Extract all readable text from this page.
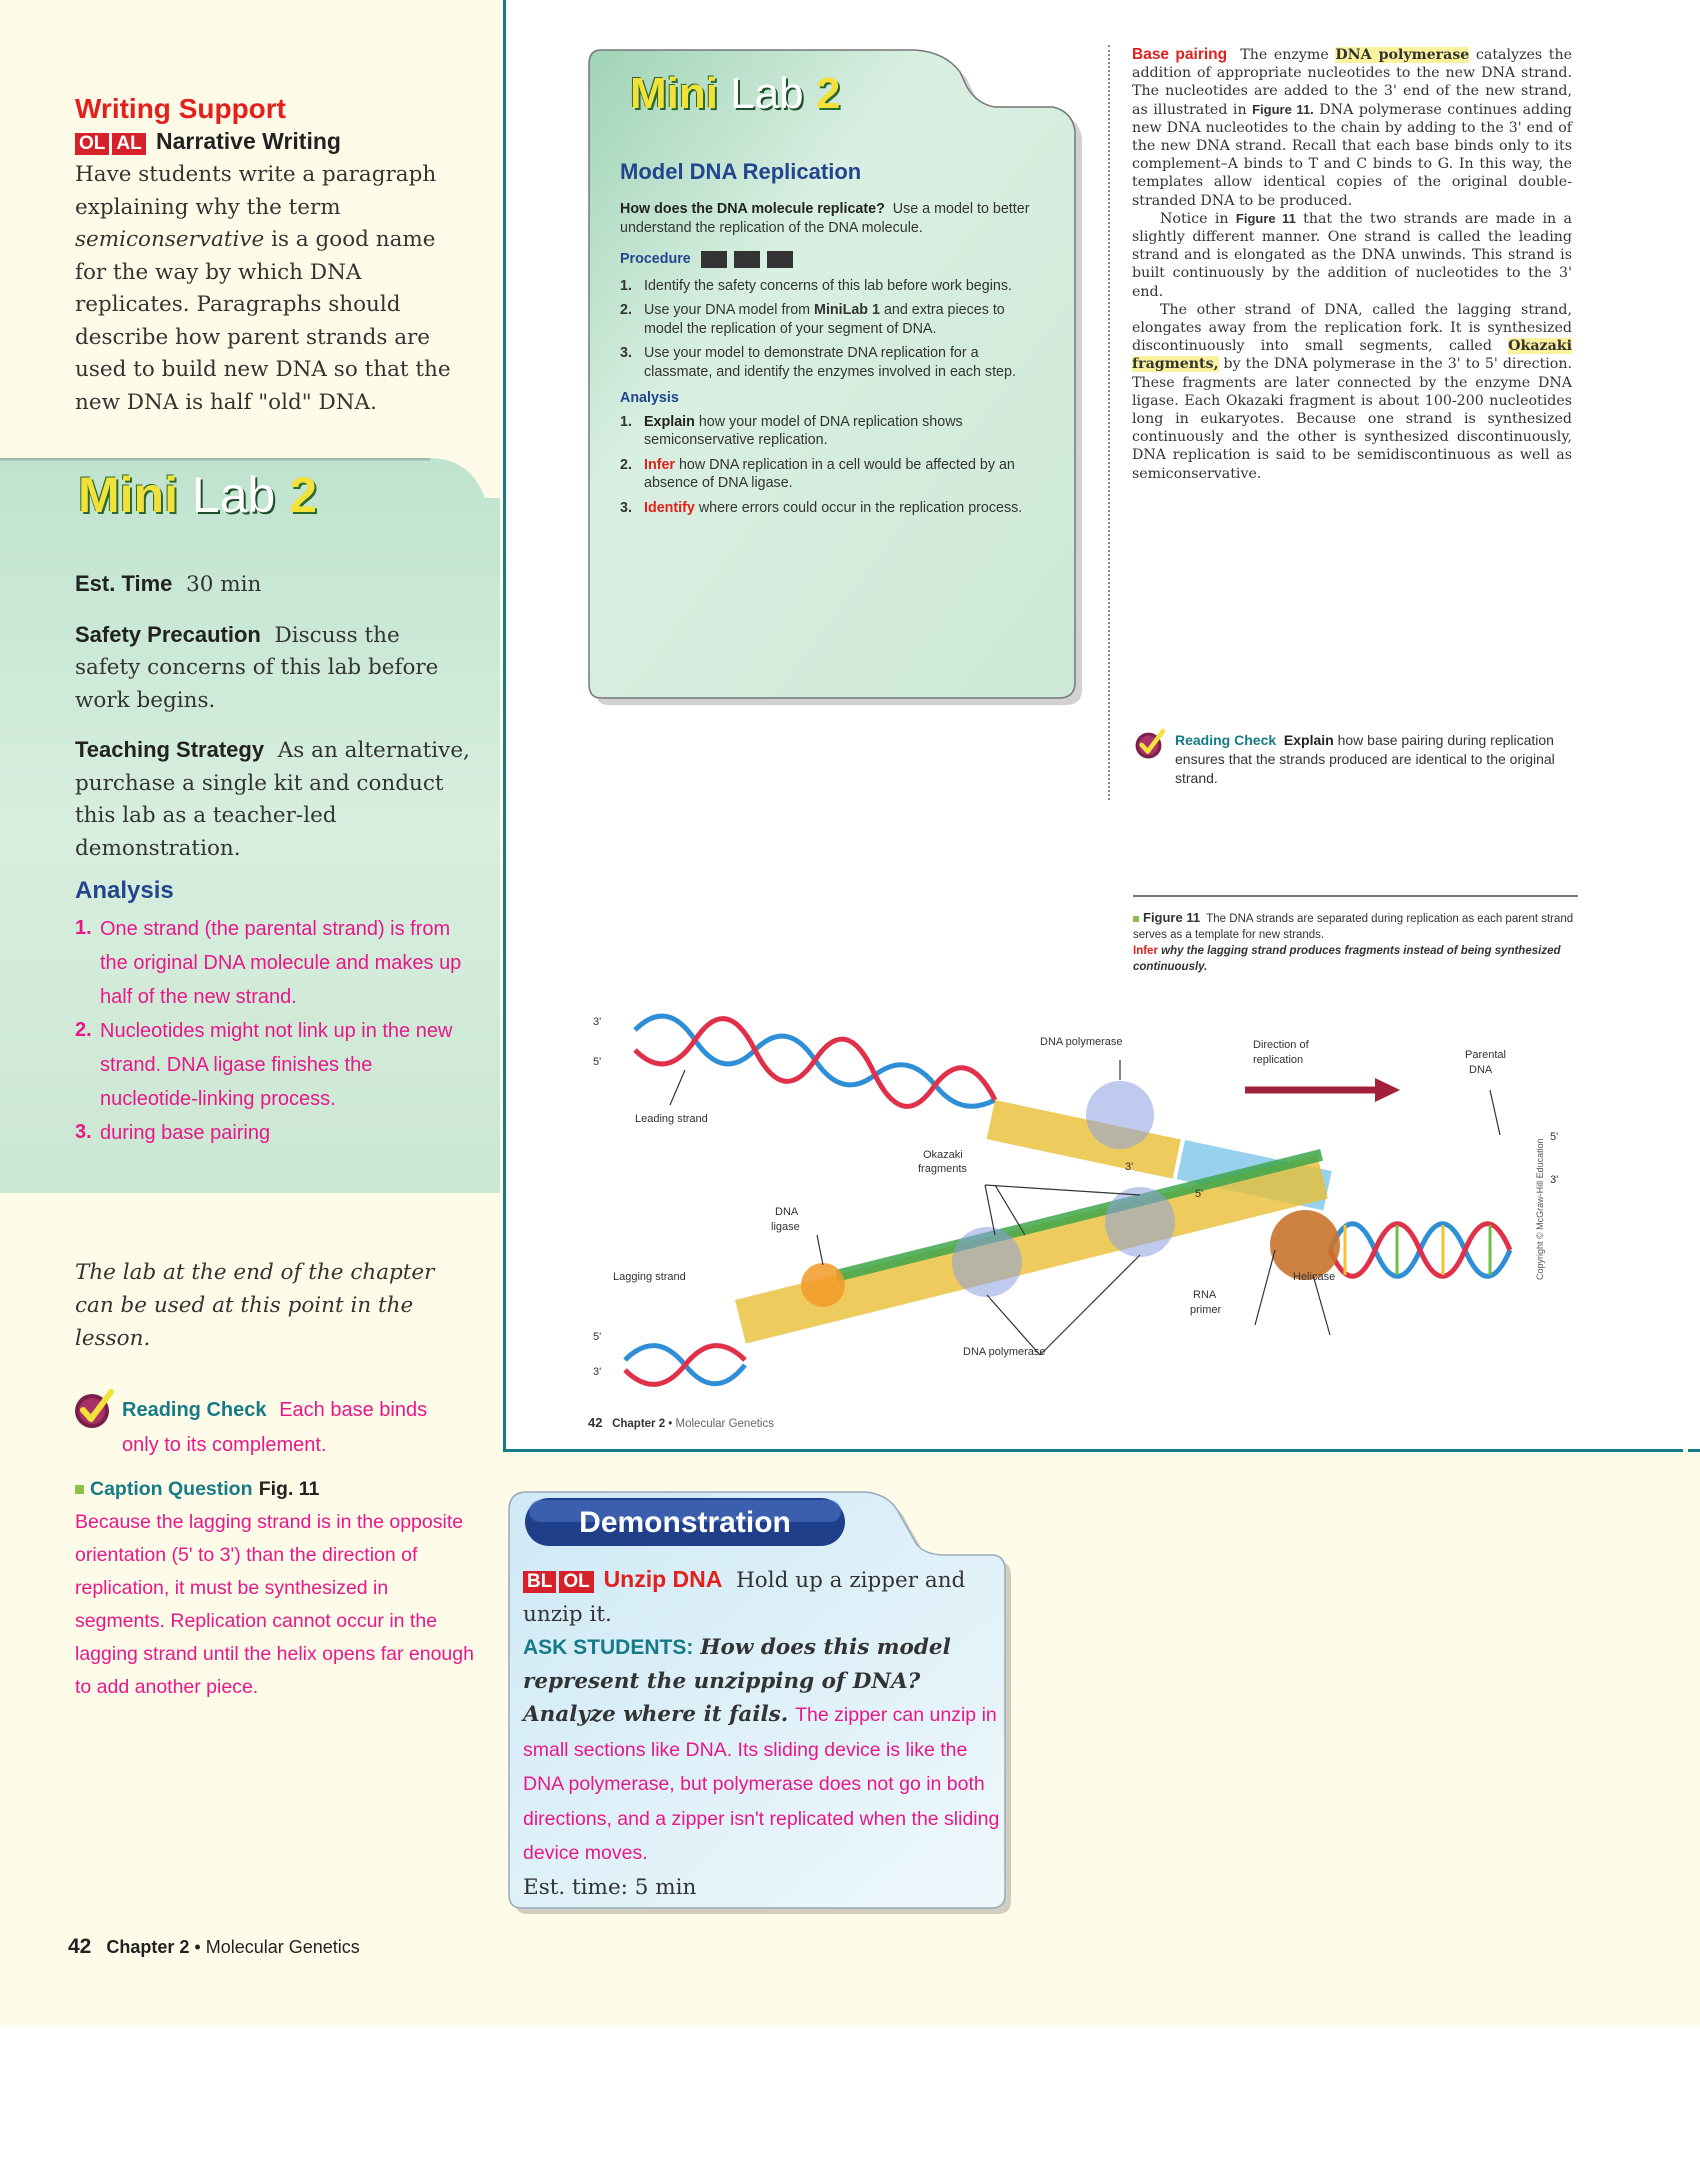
Writing Support
OL AL Narrative Writing
Have students write a paragraph explaining why the term semiconservative is a good name for the way by which DNA replicates. Paragraphs should describe how parent strands are used to build new DNA so that the new DNA is half "old" DNA.
Mini Lab 2
Est. Time 30 min
Safety Precaution Discuss the safety concerns of this lab before work begins.
Teaching Strategy As an alternative, purchase a single kit and conduct this lab as a teacher-led demonstration.
Analysis
1. One strand (the parental strand) is from the original DNA molecule and makes up half of the new strand.
2. Nucleotides might not link up in the new strand. DNA ligase finishes the nucleotide-linking process.
3. during base pairing
The lab at the end of the chapter can be used at this point in the lesson.
Reading Check Each base binds only to its complement.
Caption Question Fig. 11
Because the lagging strand is in the opposite orientation (5' to 3') than the direction of replication, it must be synthesized in segments. Replication cannot occur in the lagging strand until the helix opens far enough to add another piece.
42 Chapter 2 • Molecular Genetics
Mini Lab 2
Model DNA Replication
How does the DNA molecule replicate? Use a model to better understand the replication of the DNA molecule.
Procedure
1. Identify the safety concerns of this lab before work begins.
2. Use your DNA model from MiniLab 1 and extra pieces to model the replication of your segment of DNA.
3. Use your model to demonstrate DNA replication for a classmate, and identify the enzymes involved in each step.
Analysis
1. Explain how your model of DNA replication shows semiconservative replication.
2. Infer how DNA replication in a cell would be affected by an absence of DNA ligase.
3. Identify where errors could occur in the replication process.
Base pairing The enzyme DNA polymerase catalyzes the addition of appropriate nucleotides to the new DNA strand. The nucleotides are added to the 3' end of the new strand, as illustrated in Figure 11. DNA polymerase continues adding new DNA nucleotides to the chain by adding to the 3' end of the new DNA strand. Recall that each base binds only to its complement–A binds to T and C binds to G. In this way, the templates allow identical copies of the original double-stranded DNA to be produced.
Notice in Figure 11 that the two strands are made in a slightly different manner. One strand is called the leading strand and is elongated as the DNA unwinds. This strand is built continuously by the addition of nucleotides to the 3' end.
The other strand of DNA, called the lagging strand, elongates away from the replication fork. It is synthesized discontinuously into small segments, called Okazaki fragments, by the DNA polymerase in the 3' to 5' direction. These fragments are later connected by the enzyme DNA ligase. Each Okazaki fragment is about 100-200 nucleotides long in eukaryotes. Because one strand is synthesized continuously and the other is synthesized discontinuously, DNA replication is said to be semidiscontinuous as well as semiconservative.
Reading Check Explain how base pairing during replication ensures that the strands produced are identical to the original strand.
Figure 11 The DNA strands are separated during replication as each parent strand serves as a template for new strands.
Infer why the lagging strand produces fragments instead of being synthesized continuously.
3'
5'
Leading strand
DNA polymerase	Direction of
replication	Parental
DNA
5'
3'
3'
5'
Okazaki
fragments
DNA
ligase
Lagging strand
RNA
primer
Helicase
5'
3'
DNA polymerase
42 Chapter 2 • Molecular Genetics
Copyright © McGraw-Hill Education
Demonstration
BL OL Unzip DNA Hold up a zipper and unzip it.
ASK STUDENTS: How does this model represent the unzipping of DNA? Analyze where it fails. The zipper can unzip in small sections like DNA. Its sliding device is like the DNA polymerase, but polymerase does not go in both directions, and a zipper isn't replicated when the sliding device moves.
Est. time: 5 min
